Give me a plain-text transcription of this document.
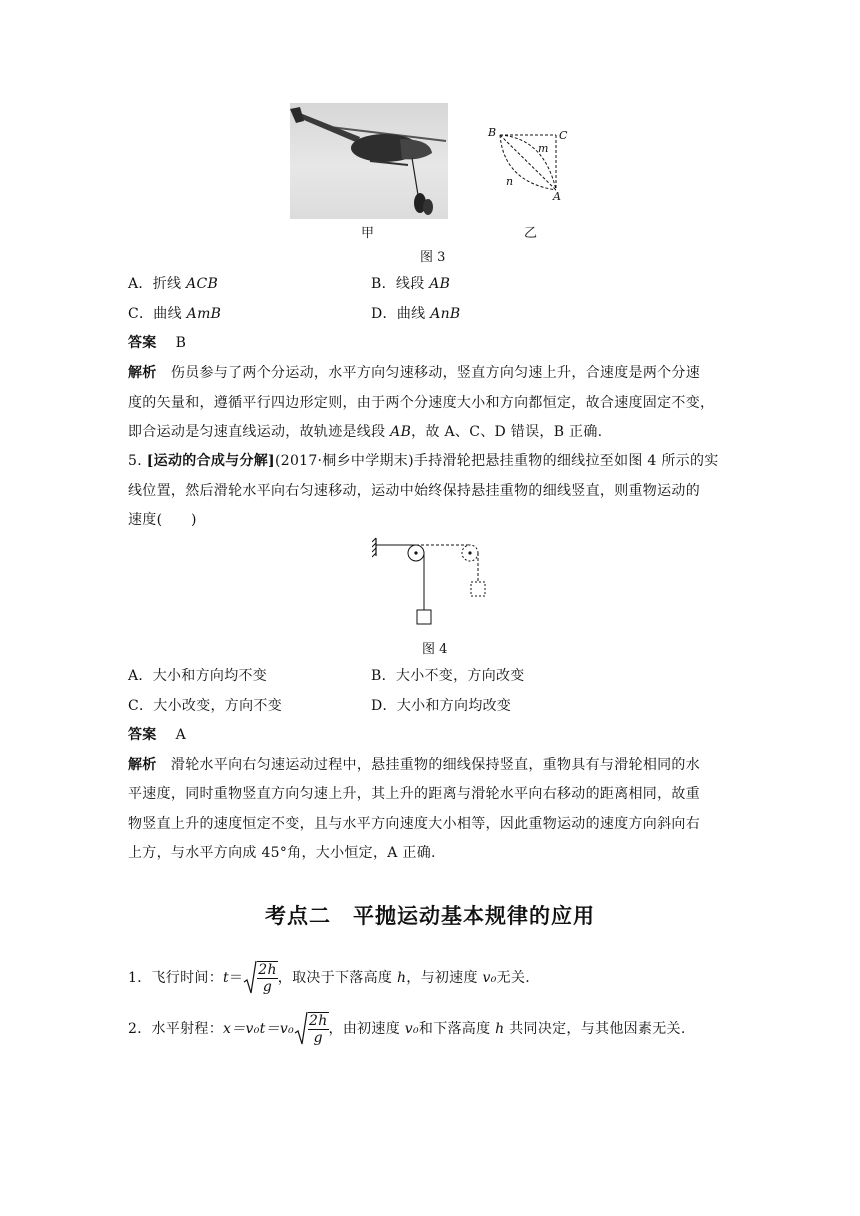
甲
B	C
A
m
n
乙
图 3
A．折线 ACB	B．线段 AB
C．曲线 AmB	D．曲线 AnB
答案　 B
解析　 伤员参与了两个分运动，水平方向匀速移动，竖直方向匀速上升，合速度是两个分速
度的矢量和，遵循平行四边形定则，由于两个分速度大小和方向都恒定，故合速度固定不变，
即合运动是匀速直线运动，故轨迹是线段 AB，故 A、C、D 错误，B 正确.
5. [运动的合成与分解](2017·桐乡中学期末)手持滑轮把悬挂重物的细线拉至如图 4 所示的实
线位置，然后滑轮水平向右匀速移动，运动中始终保持悬挂重物的细线竖直，则重物运动的
速度(　　)
图 4
A．大小和方向均不变	B．大小不变，方向改变
C．大小改变，方向不变	D．大小和方向均改变
答案　 A
解析　 滑轮水平向右匀速运动过程中，悬挂重物的细线保持竖直，重物具有与滑轮相同的水
平速度，同时重物竖直方向匀速上升，其上升的距离与滑轮水平向右移动的距离相同，故重
物竖直上升的速度恒定不变，且与水平方向速度大小相等，因此重物运动的速度方向斜向右
上方，与水平方向成 45°角，大小恒定，A 正确.
考点二　平抛运动基本规律的应用
1．飞行时间：$t= \frac{2h}{g}$ ，取决于下落高度 h，与初速度 v₀无关.
2．水平射程：$x=v_0t=v_0 \frac{2h}{g}$ ，由初速度 v₀和下落高度 h 共同决定，与其他因素无关.
